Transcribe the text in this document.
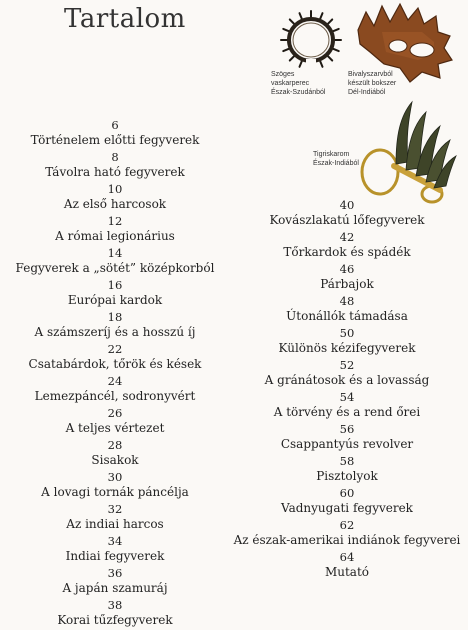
Tartalom
Szöges
vaskarperec
Észak-Szudánból
Bivalyszarvból
készült bokszer
Dél-Indiából
Tigriskarom
Észak-Indiából
6
Történelem előtti fegyverek
8
Távolra ható fegyverek
10
Az első harcosok
12
A római legionárius
14
Fegyverek a „sötét” középkorból
16
Európai kardok
18
A számszeríj és a hosszú íj
22
Csatabárdok, tőrök és kések
24
Lemezpáncél, sodronyvért
26
A teljes vértezet
28
Sisakok
30
A lovagi tornák páncélja
32
Az indiai harcos
34
Indiai fegyverek
36
A japán szamuráj
38
Korai tűzfegyverek
40
Kovászlakatú lőfegyverek
42
Tőrkardok és spádék
46
Párbajok
48
Útonállók támadása
50
Különös kézifegyverek
52
A gránátosok és a lovasság
54
A törvény és a rend őrei
56
Csappantyús revolver
58
Pisztolyok
60
Vadnyugati fegyverek
62
Az észak-amerikai indiánok fegyverei
64
Mutató
